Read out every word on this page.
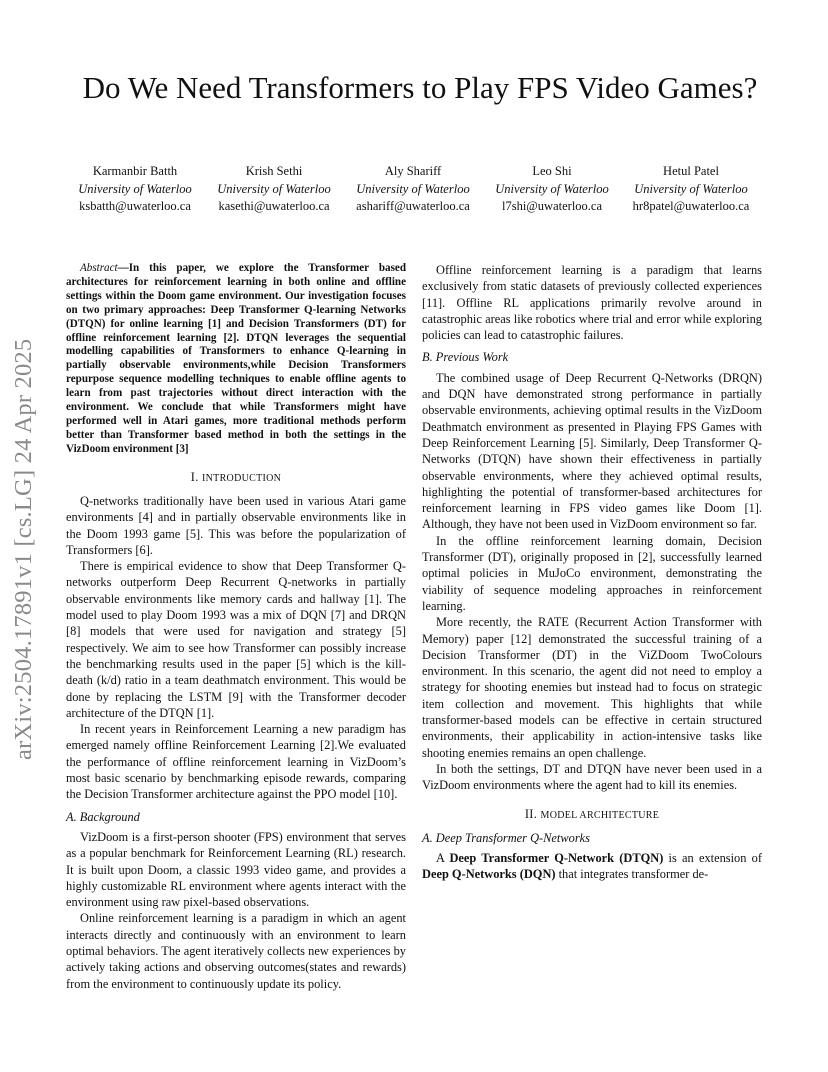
arXiv:2504.17891v1 [cs.LG] 24 Apr 2025
Do We Need Transformers to Play FPS Video Games?
Karmanbir Batth
University of Waterloo
ksbatth@uwaterloo.ca
Krish Sethi
University of Waterloo
kasethi@uwaterloo.ca
Aly Shariff
University of Waterloo
ashariff@uwaterloo.ca
Leo Shi
University of Waterloo
l7shi@uwaterloo.ca
Hetul Patel
University of Waterloo
hr8patel@uwaterloo.ca

Abstract—In this paper, we explore the Transformer based architectures for reinforcement learning in both online and offline settings within the Doom game environment. Our investigation focuses on two primary approaches: Deep Transformer Q-learning Networks (DTQN) for online learning [1] and Decision Transformers (DT) for offline reinforcement learning [2]. DTQN leverages the sequential modelling capabilities of Transformers to enhance Q-learning in partially observable environments,while Decision Transformers repurpose sequence modelling techniques to enable offline agents to learn from past trajectories without direct interaction with the environment. We conclude that while Transformers might have performed well in Atari games, more traditional methods perform better than Transformer based method in both the settings in the VizDoom environment [3]

I. INTRODUCTION

Q-networks traditionally have been used in various Atari game environments [4] and in partially observable environments like in the Doom 1993 game [5]. This was before the popularization of Transformers [6].

There is empirical evidence to show that Deep Transformer Q-networks outperform Deep Recurrent Q-networks in partially observable environments like memory cards and hallway [1]. The model used to play Doom 1993 was a mix of DQN [7] and DRQN [8] models that were used for navigation and strategy [5] respectively. We aim to see how Transformer can possibly increase the benchmarking results used in the paper [5] which is the kill-death (k/d) ratio in a team deathmatch environment. This would be done by replacing the LSTM [9] with the Transformer decoder architecture of the DTQN [1].

In recent years in Reinforcement Learning a new paradigm has emerged namely offline Reinforcement Learning [2].We evaluated the performance of offline reinforcement learning in VizDoom’s most basic scenario by benchmarking episode rewards, comparing the Decision Transformer architecture against the PPO model [10].

A. Background

VizDoom is a first-person shooter (FPS) environment that serves as a popular benchmark for Reinforcement Learning (RL) research. It is built upon Doom, a classic 1993 video game, and provides a highly customizable RL environment where agents interact with the environment using raw pixel-based observations.

Online reinforcement learning is a paradigm in which an agent interacts directly and continuously with an environment to learn optimal behaviors. The agent iteratively collects new experiences by actively taking actions and observing outcomes(states and rewards) from the environment to continuously update its policy.

Offline reinforcement learning is a paradigm that learns exclusively from static datasets of previously collected experiences [11]. Offline RL applications primarily revolve around in catastrophic areas like robotics where trial and error while exploring policies can lead to catastrophic failures.

B. Previous Work

The combined usage of Deep Recurrent Q-Networks (DRQN) and DQN have demonstrated strong performance in partially observable environments, achieving optimal results in the VizDoom Deathmatch environment as presented in Playing FPS Games with Deep Reinforcement Learning [5]. Similarly, Deep Transformer Q-Networks (DTQN) have shown their effectiveness in partially observable environments, where they achieved optimal results, highlighting the potential of transformer-based architectures for reinforcement learning in FPS video games like Doom [1]. Although, they have not been used in VizDoom environment so far.

In the offline reinforcement learning domain, Decision Transformer (DT), originally proposed in [2], successfully learned optimal policies in MuJoCo environment, demonstrating the viability of sequence modeling approaches in reinforcement learning.

More recently, the RATE (Recurrent Action Transformer with Memory) paper [12] demonstrated the successful training of a Decision Transformer (DT) in the ViZDoom TwoColours environment. In this scenario, the agent did not need to employ a strategy for shooting enemies but instead had to focus on strategic item collection and movement. This highlights that while transformer-based models can be effective in certain structured environments, their applicability in action-intensive tasks like shooting enemies remains an open challenge.

In both the settings, DT and DTQN have never been used in a VizDoom environments where the agent had to kill its enemies.

II. MODEL ARCHITECTURE
A. Deep Transformer Q-Networks

A Deep Transformer Q-Network (DTQN) is an extension of Deep Q-Networks (DQN) that integrates transformer de-
